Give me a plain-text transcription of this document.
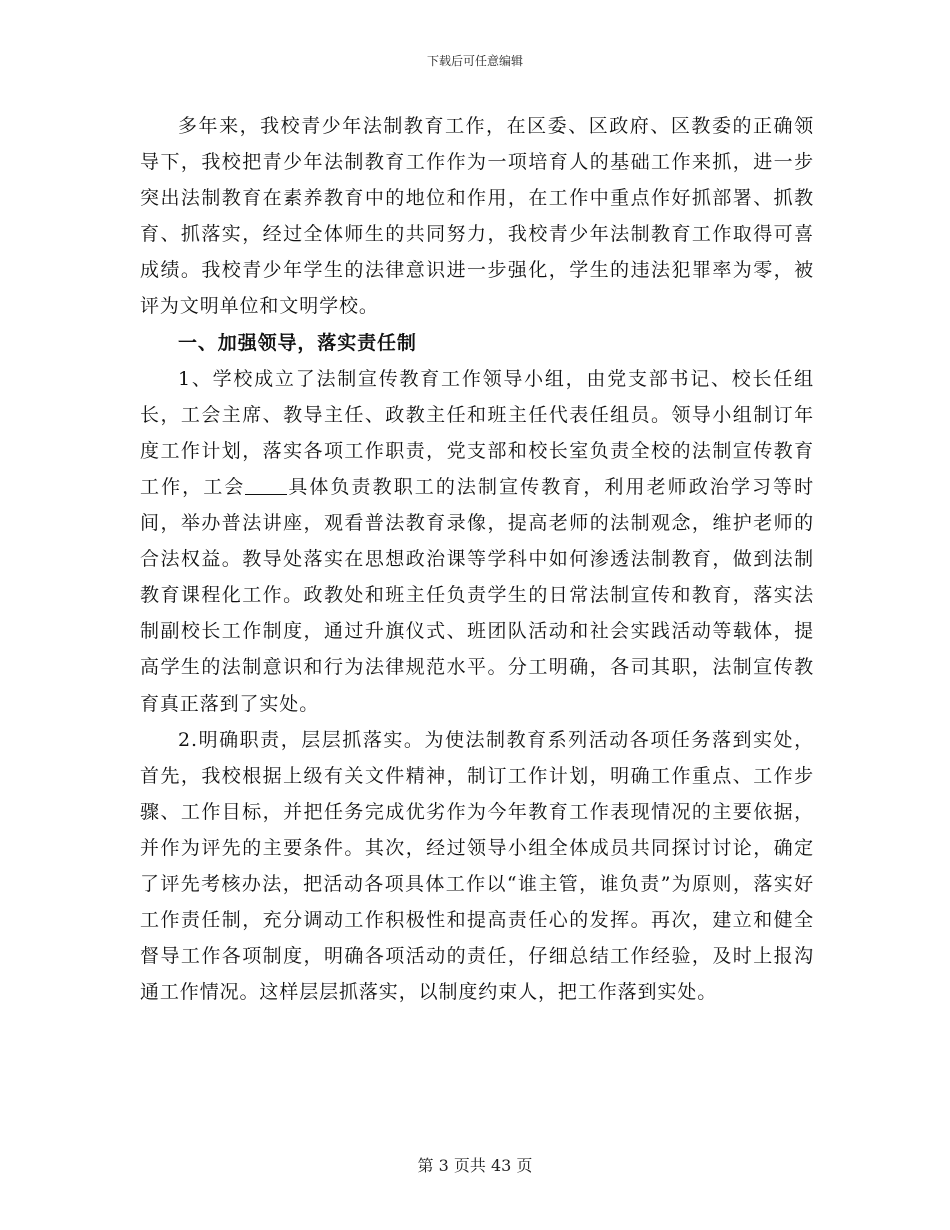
下载后可任意编辑

多年来，我校青少年法制教育工作，在区委、区政府、区教委的正确领导下，我校把青少年法制教育工作作为一项培育人的基础工作来抓，进一步突出法制教育在素养教育中的地位和作用，在工作中重点作好抓部署、抓教育、抓落实，经过全体师生的共同努力，我校青少年法制教育工作取得可喜成绩。我校青少年学生的法律意识进一步强化，学生的违法犯罪率为零，被评为文明单位和文明学校。

一、加强领导，落实责任制

1、学校成立了法制宣传教育工作领导小组，由党支部书记、校长任组长，工会主席、教导主任、政教主任和班主任代表任组员。领导小组制订年度工作计划，落实各项工作职责，党支部和校长室负责全校的法制宣传教育工作，工会 具体负责教职工的法制宣传教育，利用老师政治学习等时间，举办普法讲座，观看普法教育录像，提高老师的法制观念，维护老师的合法权益。教导处落实在思想政治课等学科中如何渗透法制教育，做到法制教育课程化工作。政教处和班主任负责学生的日常法制宣传和教育，落实法制副校长工作制度，通过升旗仪式、班团队活动和社会实践活动等载体，提高学生的法制意识和行为法律规范水平。分工明确，各司其职，法制宣传教育真正落到了实处。

2.明确职责，层层抓落实。为使法制教育系列活动各项任务落到实处，首先，我校根据上级有关文件精神，制订工作计划，明确工作重点、工作步骤、工作目标，并把任务完成优劣作为今年教育工作表现情况的主要依据，并作为评先的主要条件。其次，经过领导小组全体成员共同探讨讨论，确定了评先考核办法，把活动各项具体工作以“谁主管，谁负责”为原则，落实好工作责任制，充分调动工作积极性和提高责任心的发挥。再次，建立和健全督导工作各项制度，明确各项活动的责任，仔细总结工作经验，及时上报沟通工作情况。这样层层抓落实，以制度约束人，把工作落到实处。

第 3 页共 43 页
